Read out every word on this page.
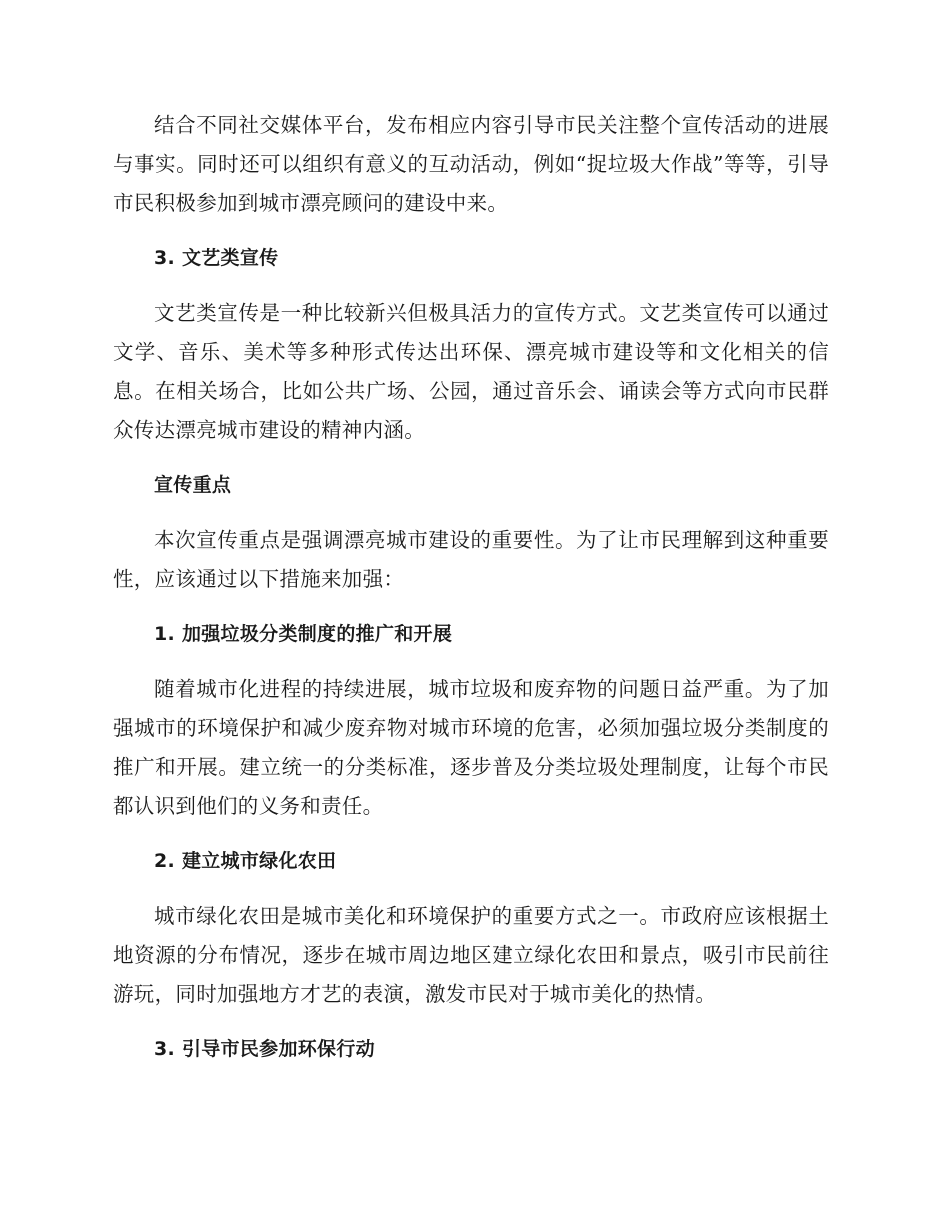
结合不同社交媒体平台，发布相应内容引导市民关注整个宣传活动的进展与事实。同时还可以组织有意义的互动活动，例如“捉垃圾大作战”等等，引导市民积极参加到城市漂亮顾问的建设中来。

3. 文艺类宣传

文艺类宣传是一种比较新兴但极具活力的宣传方式。文艺类宣传可以通过文学、音乐、美术等多种形式传达出环保、漂亮城市建设等和文化相关的信息。在相关场合，比如公共广场、公园，通过音乐会、诵读会等方式向市民群众传达漂亮城市建设的精神内涵。

宣传重点

本次宣传重点是强调漂亮城市建设的重要性。为了让市民理解到这种重要性，应该通过以下措施来加强：

1. 加强垃圾分类制度的推广和开展

随着城市化进程的持续进展，城市垃圾和废弃物的问题日益严重。为了加强城市的环境保护和减少废弃物对城市环境的危害，必须加强垃圾分类制度的推广和开展。建立统一的分类标准，逐步普及分类垃圾处理制度，让每个市民都认识到他们的义务和责任。

2. 建立城市绿化农田

城市绿化农田是城市美化和环境保护的重要方式之一。市政府应该根据土地资源的分布情况，逐步在城市周边地区建立绿化农田和景点，吸引市民前往游玩，同时加强地方才艺的表演，激发市民对于城市美化的热情。

3. 引导市民参加环保行动
